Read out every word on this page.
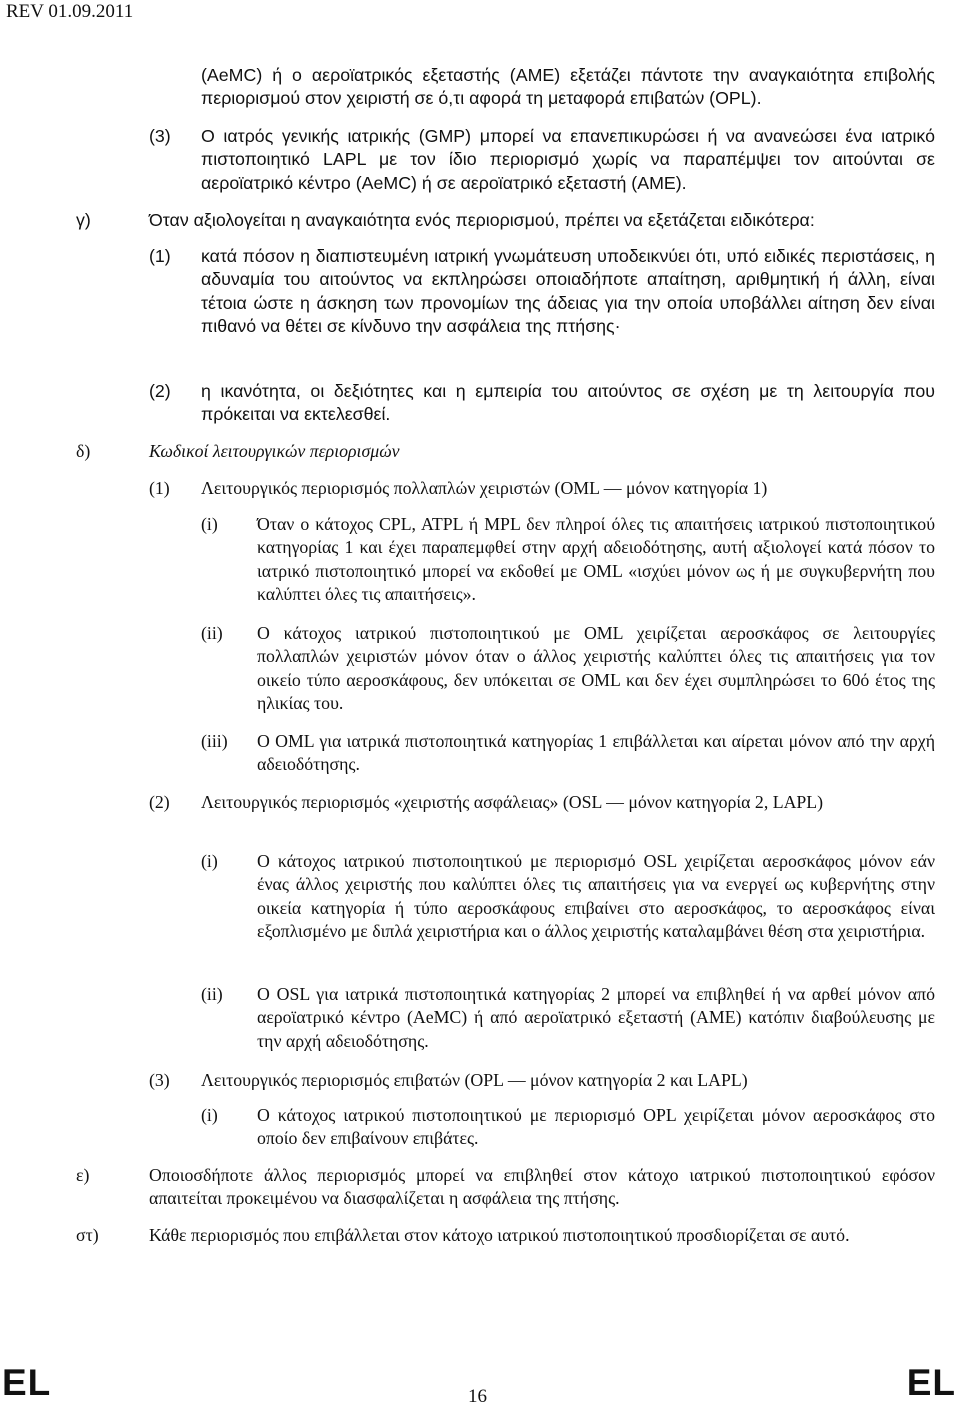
REV 01.09.2011
(AeMC) ή ο αεροϊατρικός εξεταστής (AME) εξετάζει πάντοτε την αναγκαιότητα επιβολής περιορισμού στον χειριστή σε ό,τι αφορά τη μεταφορά επιβατών (OPL).
(3) Ο ιατρός γενικής ιατρικής (GMP) μπορεί να επανεπικυρώσει ή να ανανεώσει ένα ιατρικό πιστοποιητικό LAPL με τον ίδιο περιορισμό χωρίς να παραπέμψει τον αιτούνται σε αεροϊατρικό κέντρο (AeMC) ή σε αεροϊατρικό εξεταστή (AME).
γ)	Όταν αξιολογείται η αναγκαιότητα ενός περιορισμού, πρέπει να εξετάζεται ειδικότερα:
(1) κατά πόσον η διαπιστευμένη ιατρική γνωμάτευση υποδεικνύει ότι, υπό ειδικές περιστάσεις, η αδυναμία του αιτούντος να εκπληρώσει οποιαδήποτε απαίτηση, αριθμητική ή άλλη, είναι τέτοια ώστε η άσκηση των προνομίων της άδειας για την οποία υποβάλλει αίτηση δεν είναι πιθανό να θέτει σε κίνδυνο την ασφάλεια της πτήσης·
(2) η ικανότητα, οι δεξιότητες και η εμπειρία του αιτούντος σε σχέση με τη λειτουργία που πρόκειται να εκτελεσθεί.
δ)	Κωδικοί λειτουργικών περιορισμών
(1) Λειτουργικός περιορισμός πολλαπλών χειριστών (OML — μόνον κατηγορία 1)
(i) Όταν ο κάτοχος CPL, ATPL ή MPL δεν πληροί όλες τις απαιτήσεις ιατρικού πιστοποιητικού κατηγορίας 1 και έχει παραπεμφθεί στην αρχή αδειοδότησης, αυτή αξιολογεί κατά πόσον το ιατρικό πιστοποιητικό μπορεί να εκδοθεί με OML «ισχύει μόνον ως ή με συγκυβερνήτη που καλύπτει όλες τις απαιτήσεις».
(ii) Ο κάτοχος ιατρικού πιστοποιητικού με OML χειρίζεται αεροσκάφος σε λειτουργίες πολλαπλών χειριστών μόνον όταν ο άλλος χειριστής καλύπτει όλες τις απαιτήσεις για τον οικείο τύπο αεροσκάφους, δεν υπόκειται σε OML και δεν έχει συμπληρώσει το 60ό έτος της ηλικίας του.
(iii) Ο OML για ιατρικά πιστοποιητικά κατηγορίας 1 επιβάλλεται και αίρεται μόνον από την αρχή αδειοδότησης.
(2) Λειτουργικός περιορισμός «χειριστής ασφάλειας» (OSL — μόνον κατηγορία 2, LAPL)
(i) Ο κάτοχος ιατρικού πιστοποιητικού με περιορισμό OSL χειρίζεται αεροσκάφος μόνον εάν ένας άλλος χειριστής που καλύπτει όλες τις απαιτήσεις για να ενεργεί ως κυβερνήτης στην οικεία κατηγορία ή τύπο αεροσκάφους επιβαίνει στο αεροσκάφος, το αεροσκάφος είναι εξοπλισμένο με διπλά χειριστήρια και ο άλλος χειριστής καταλαμβάνει θέση στα χειριστήρια.
(ii) Ο OSL για ιατρικά πιστοποιητικά κατηγορίας 2 μπορεί να επιβληθεί ή να αρθεί μόνον από αεροϊατρικό κέντρο (AeMC) ή από αεροϊατρικό εξεταστή (AME) κατόπιν διαβούλευσης με την αρχή αδειοδότησης.
(3) Λειτουργικός περιορισμός επιβατών (OPL — μόνον κατηγορία 2 και LAPL)
(i) Ο κάτοχος ιατρικού πιστοποιητικού με περιορισμό OPL χειρίζεται μόνον αεροσκάφος στο οποίο δεν επιβαίνουν επιβάτες.
ε)	Οποιοσδήποτε άλλος περιορισμός μπορεί να επιβληθεί στον κάτοχο ιατρικού πιστοποιητικού εφόσον απαιτείται προκειμένου να διασφαλίζεται η ασφάλεια της πτήσης.
στ)	Κάθε περιορισμός που επιβάλλεται στον κάτοχο ιατρικού πιστοποιητικού προσδιορίζεται σε αυτό.
EL	16	EL
